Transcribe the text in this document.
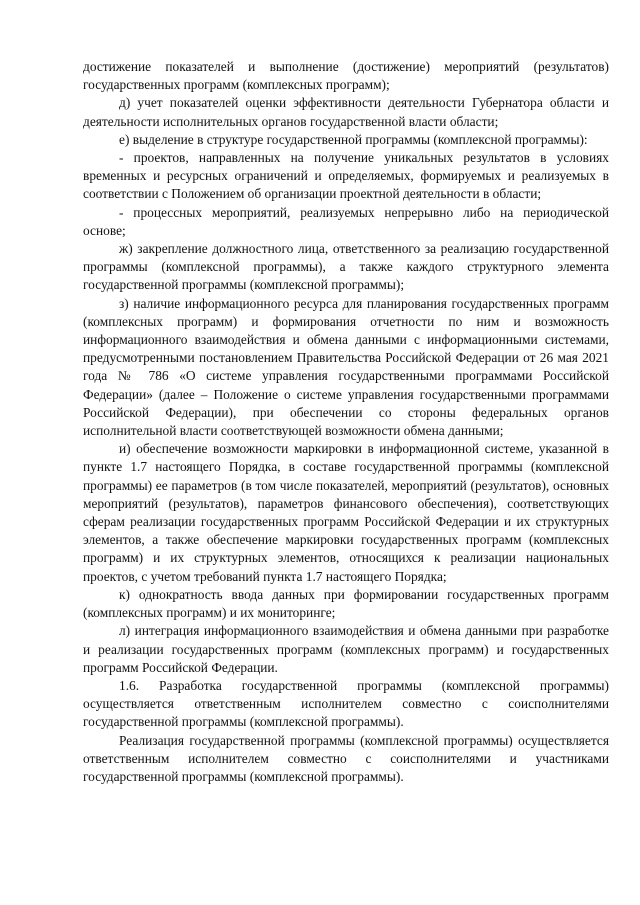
достижение показателей и выполнение (достижение) мероприятий (результатов) государственных программ (комплексных программ);

д) учет показателей оценки эффективности деятельности Губернатора области и деятельности исполнительных органов государственной власти области;

е) выделение в структуре государственной программы (комплексной программы):

- проектов, направленных на получение уникальных результатов в условиях временных и ресурсных ограничений и определяемых, формируемых и реализуемых в соответствии с Положением об организации проектной деятельности в области;

- процессных мероприятий, реализуемых непрерывно либо на периодической основе;

ж) закрепление должностного лица, ответственного за реализацию государственной программы (комплексной программы), а также каждого структурного элемента государственной программы (комплексной программы);

з) наличие информационного ресурса для планирования государственных программ (комплексных программ) и формирования отчетности по ним и возможность информационного взаимодействия и обмена данными с информационными системами, предусмотренными постановлением Правительства Российской Федерации от 26 мая 2021 года № 786 «О системе управления государственными программами Российской Федерации» (далее – Положение о системе управления государственными программами Российской Федерации), при обеспечении со стороны федеральных органов исполнительной власти соответствующей возможности обмена данными;

и) обеспечение возможности маркировки в информационной системе, указанной в пункте 1.7 настоящего Порядка, в составе государственной программы (комплексной программы) ее параметров (в том числе показателей, мероприятий (результатов), основных мероприятий (результатов), параметров финансового обеспечения), соответствующих сферам реализации государственных программ Российской Федерации и их структурных элементов, а также обеспечение маркировки государственных программ (комплексных программ) и их структурных элементов, относящихся к реализации национальных проектов, с учетом требований пункта 1.7 настоящего Порядка;

к) однократность ввода данных при формировании государственных программ (комплексных программ) и их мониторинге;

л) интеграция информационного взаимодействия и обмена данными при разработке и реализации государственных программ (комплексных программ) и государственных программ Российской Федерации.

1.6. Разработка государственной программы (комплексной программы) осуществляется ответственным исполнителем совместно с соисполнителями государственной программы (комплексной программы).

Реализация государственной программы (комплексной программы) осуществляется ответственным исполнителем совместно с соисполнителями и участниками государственной программы (комплексной программы).
